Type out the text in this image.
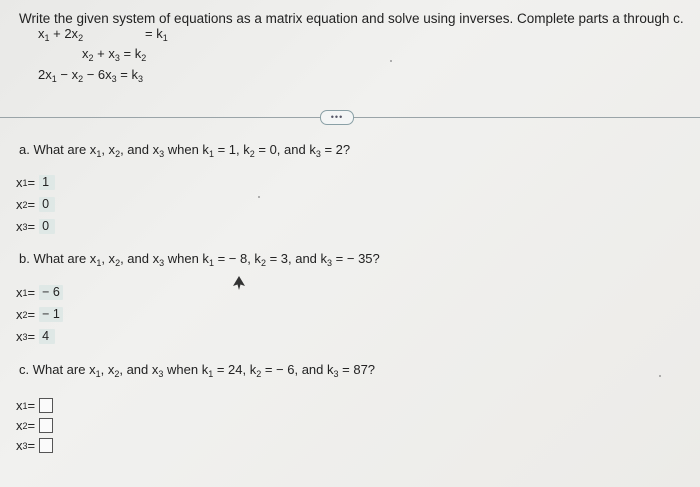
Write the given system of equations as a matrix equation and solve using inverses. Complete parts a through c.
$x_1 + 2x_2$	= $k_1$
$x_2 + x_3 = k_2$
$2x_1 - x_2 - 6x_3 = k_3$
•••
a. What are $x_1$, $x_2$, and $x_3$ when $k_1 = 1$, $k_2 = 0$, and $k_3 = 2$?
x 1 = 1
x 2 = 0
x 3 = 0
b. What are $x_1$, $x_2$, and $x_3$ when $k_1$ = − 8, $k_2 = 3$, and $k_3$ = − 35?
x 1 = − 6
x 2 = − 1
x 3 = 4
c. What are $x_1$, $x_2$, and $x_3$ when $k_1 = 24$, $k_2$ = − 6, and $k_3 = 87$?
x 1 =
x 2 =
x 3 =
